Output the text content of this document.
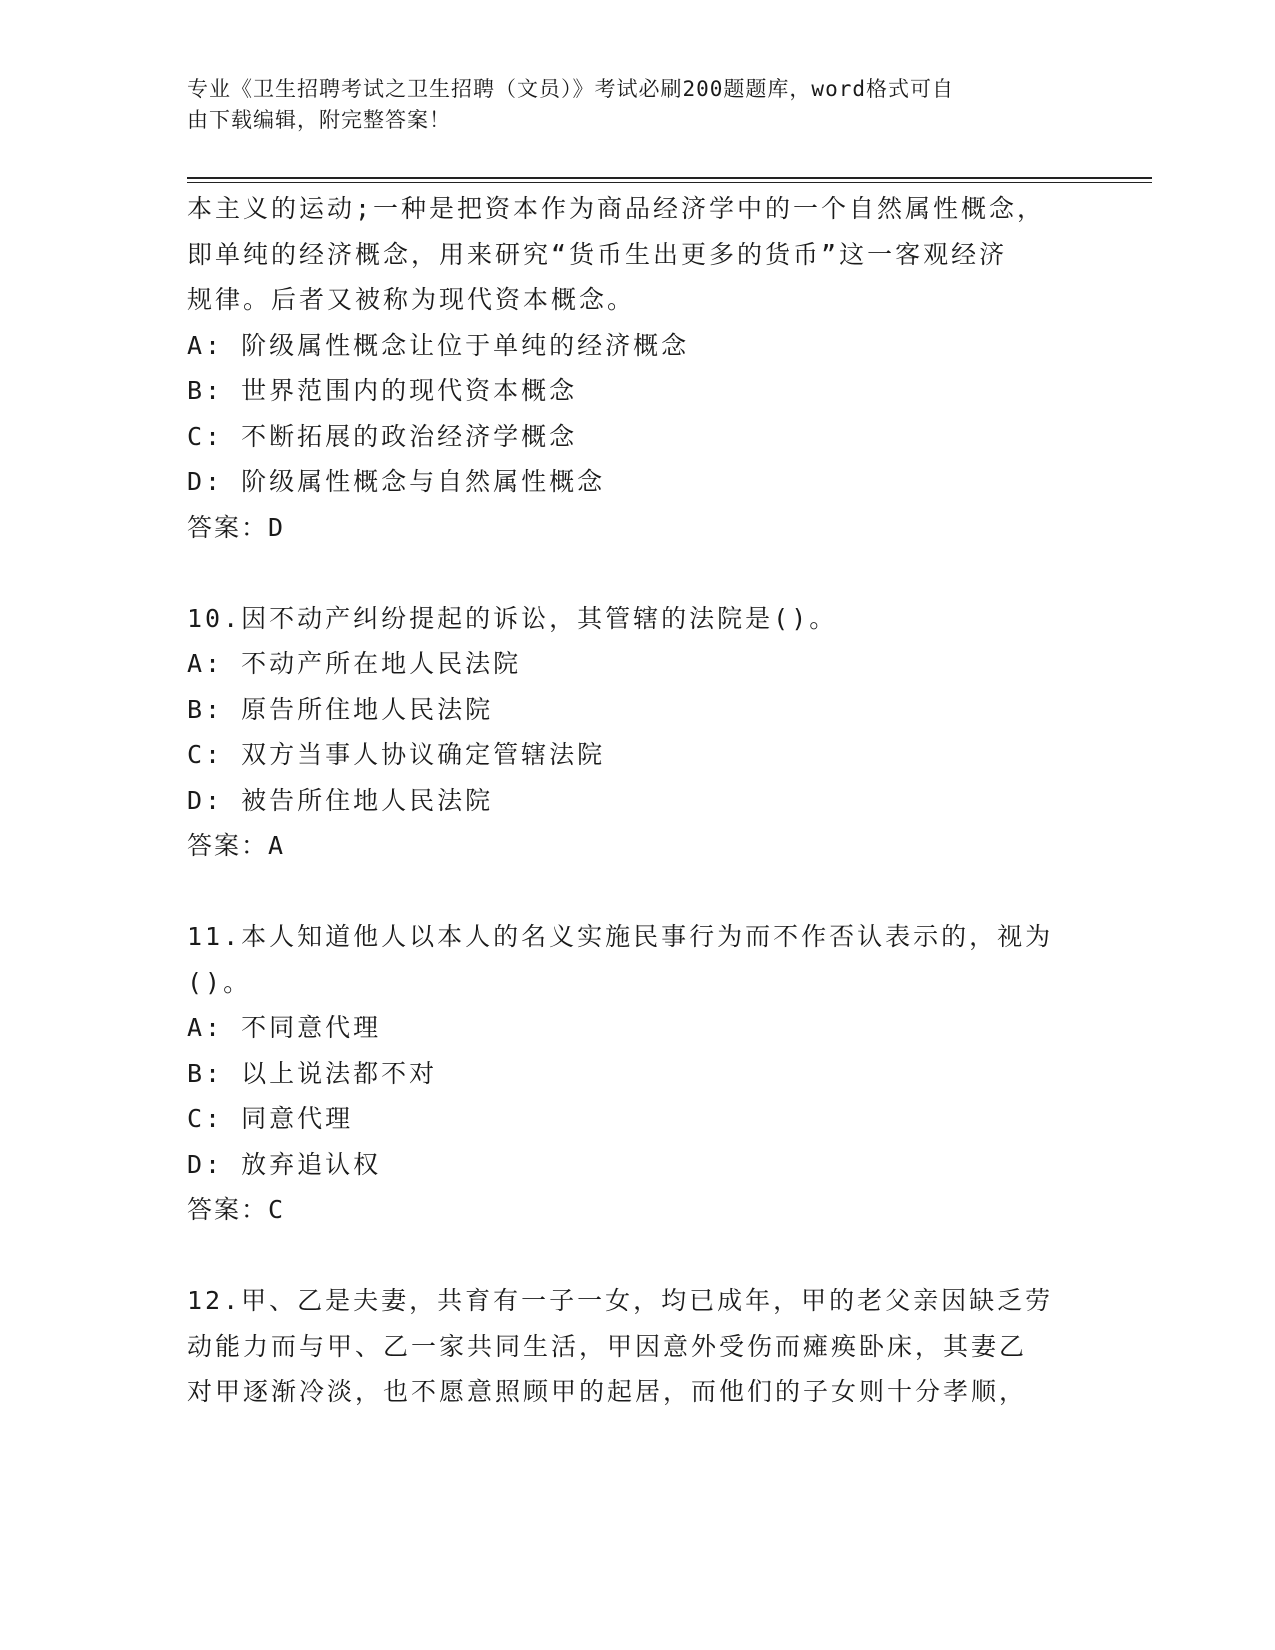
专业《卫生招聘考试之卫生招聘（文员）》考试必刷200题题库，word格式可自
由下载编辑，附完整答案！
本主义的运动;一种是把资本作为商品经济学中的一个自然属性概念，
即单纯的经济概念，用来研究“货币生出更多的货币”这一客观经济
规律。后者又被称为现代资本概念。
A: 阶级属性概念让位于单纯的经济概念
B: 世界范围内的现代资本概念
C: 不断拓展的政治经济学概念
D: 阶级属性概念与自然属性概念
答案：D
10.因不动产纠纷提起的诉讼，其管辖的法院是()。
A: 不动产所在地人民法院
B: 原告所住地人民法院
C: 双方当事人协议确定管辖法院
D: 被告所住地人民法院
答案：A
11.本人知道他人以本人的名义实施民事行为而不作否认表示的，视为
()。
A: 不同意代理
B: 以上说法都不对
C: 同意代理
D: 放弃追认权
答案：C
12.甲、乙是夫妻，共育有一子一女，均已成年，甲的老父亲因缺乏劳
动能力而与甲、乙一家共同生活，甲因意外受伤而瘫痪卧床，其妻乙
对甲逐渐冷淡，也不愿意照顾甲的起居，而他们的子女则十分孝顺，
